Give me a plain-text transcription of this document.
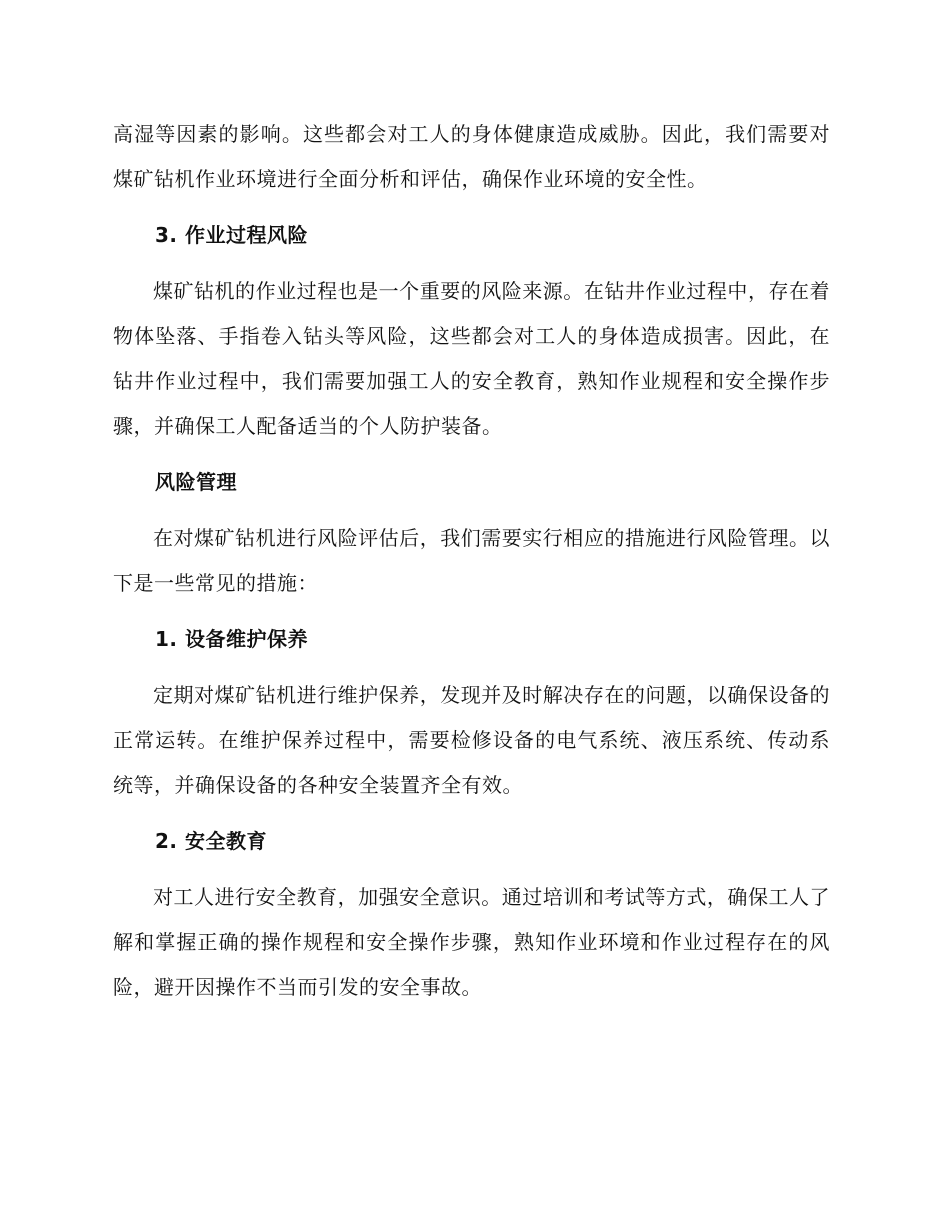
高湿等因素的影响。这些都会对工人的身体健康造成威胁。因此，我们需要对煤矿钻机作业环境进行全面分析和评估，确保作业环境的安全性。

3. 作业过程风险

煤矿钻机的作业过程也是一个重要的风险来源。在钻井作业过程中，存在着物体坠落、手指卷入钻头等风险，这些都会对工人的身体造成损害。因此，在钻井作业过程中，我们需要加强工人的安全教育，熟知作业规程和安全操作步骤，并确保工人配备适当的个人防护装备。

风险管理

在对煤矿钻机进行风险评估后，我们需要实行相应的措施进行风险管理。以下是一些常见的措施：

1. 设备维护保养

定期对煤矿钻机进行维护保养，发现并及时解决存在的问题，以确保设备的正常运转。在维护保养过程中，需要检修设备的电气系统、液压系统、传动系统等，并确保设备的各种安全装置齐全有效。

2. 安全教育

对工人进行安全教育，加强安全意识。通过培训和考试等方式，确保工人了解和掌握正确的操作规程和安全操作步骤，熟知作业环境和作业过程存在的风险，避开因操作不当而引发的安全事故。
